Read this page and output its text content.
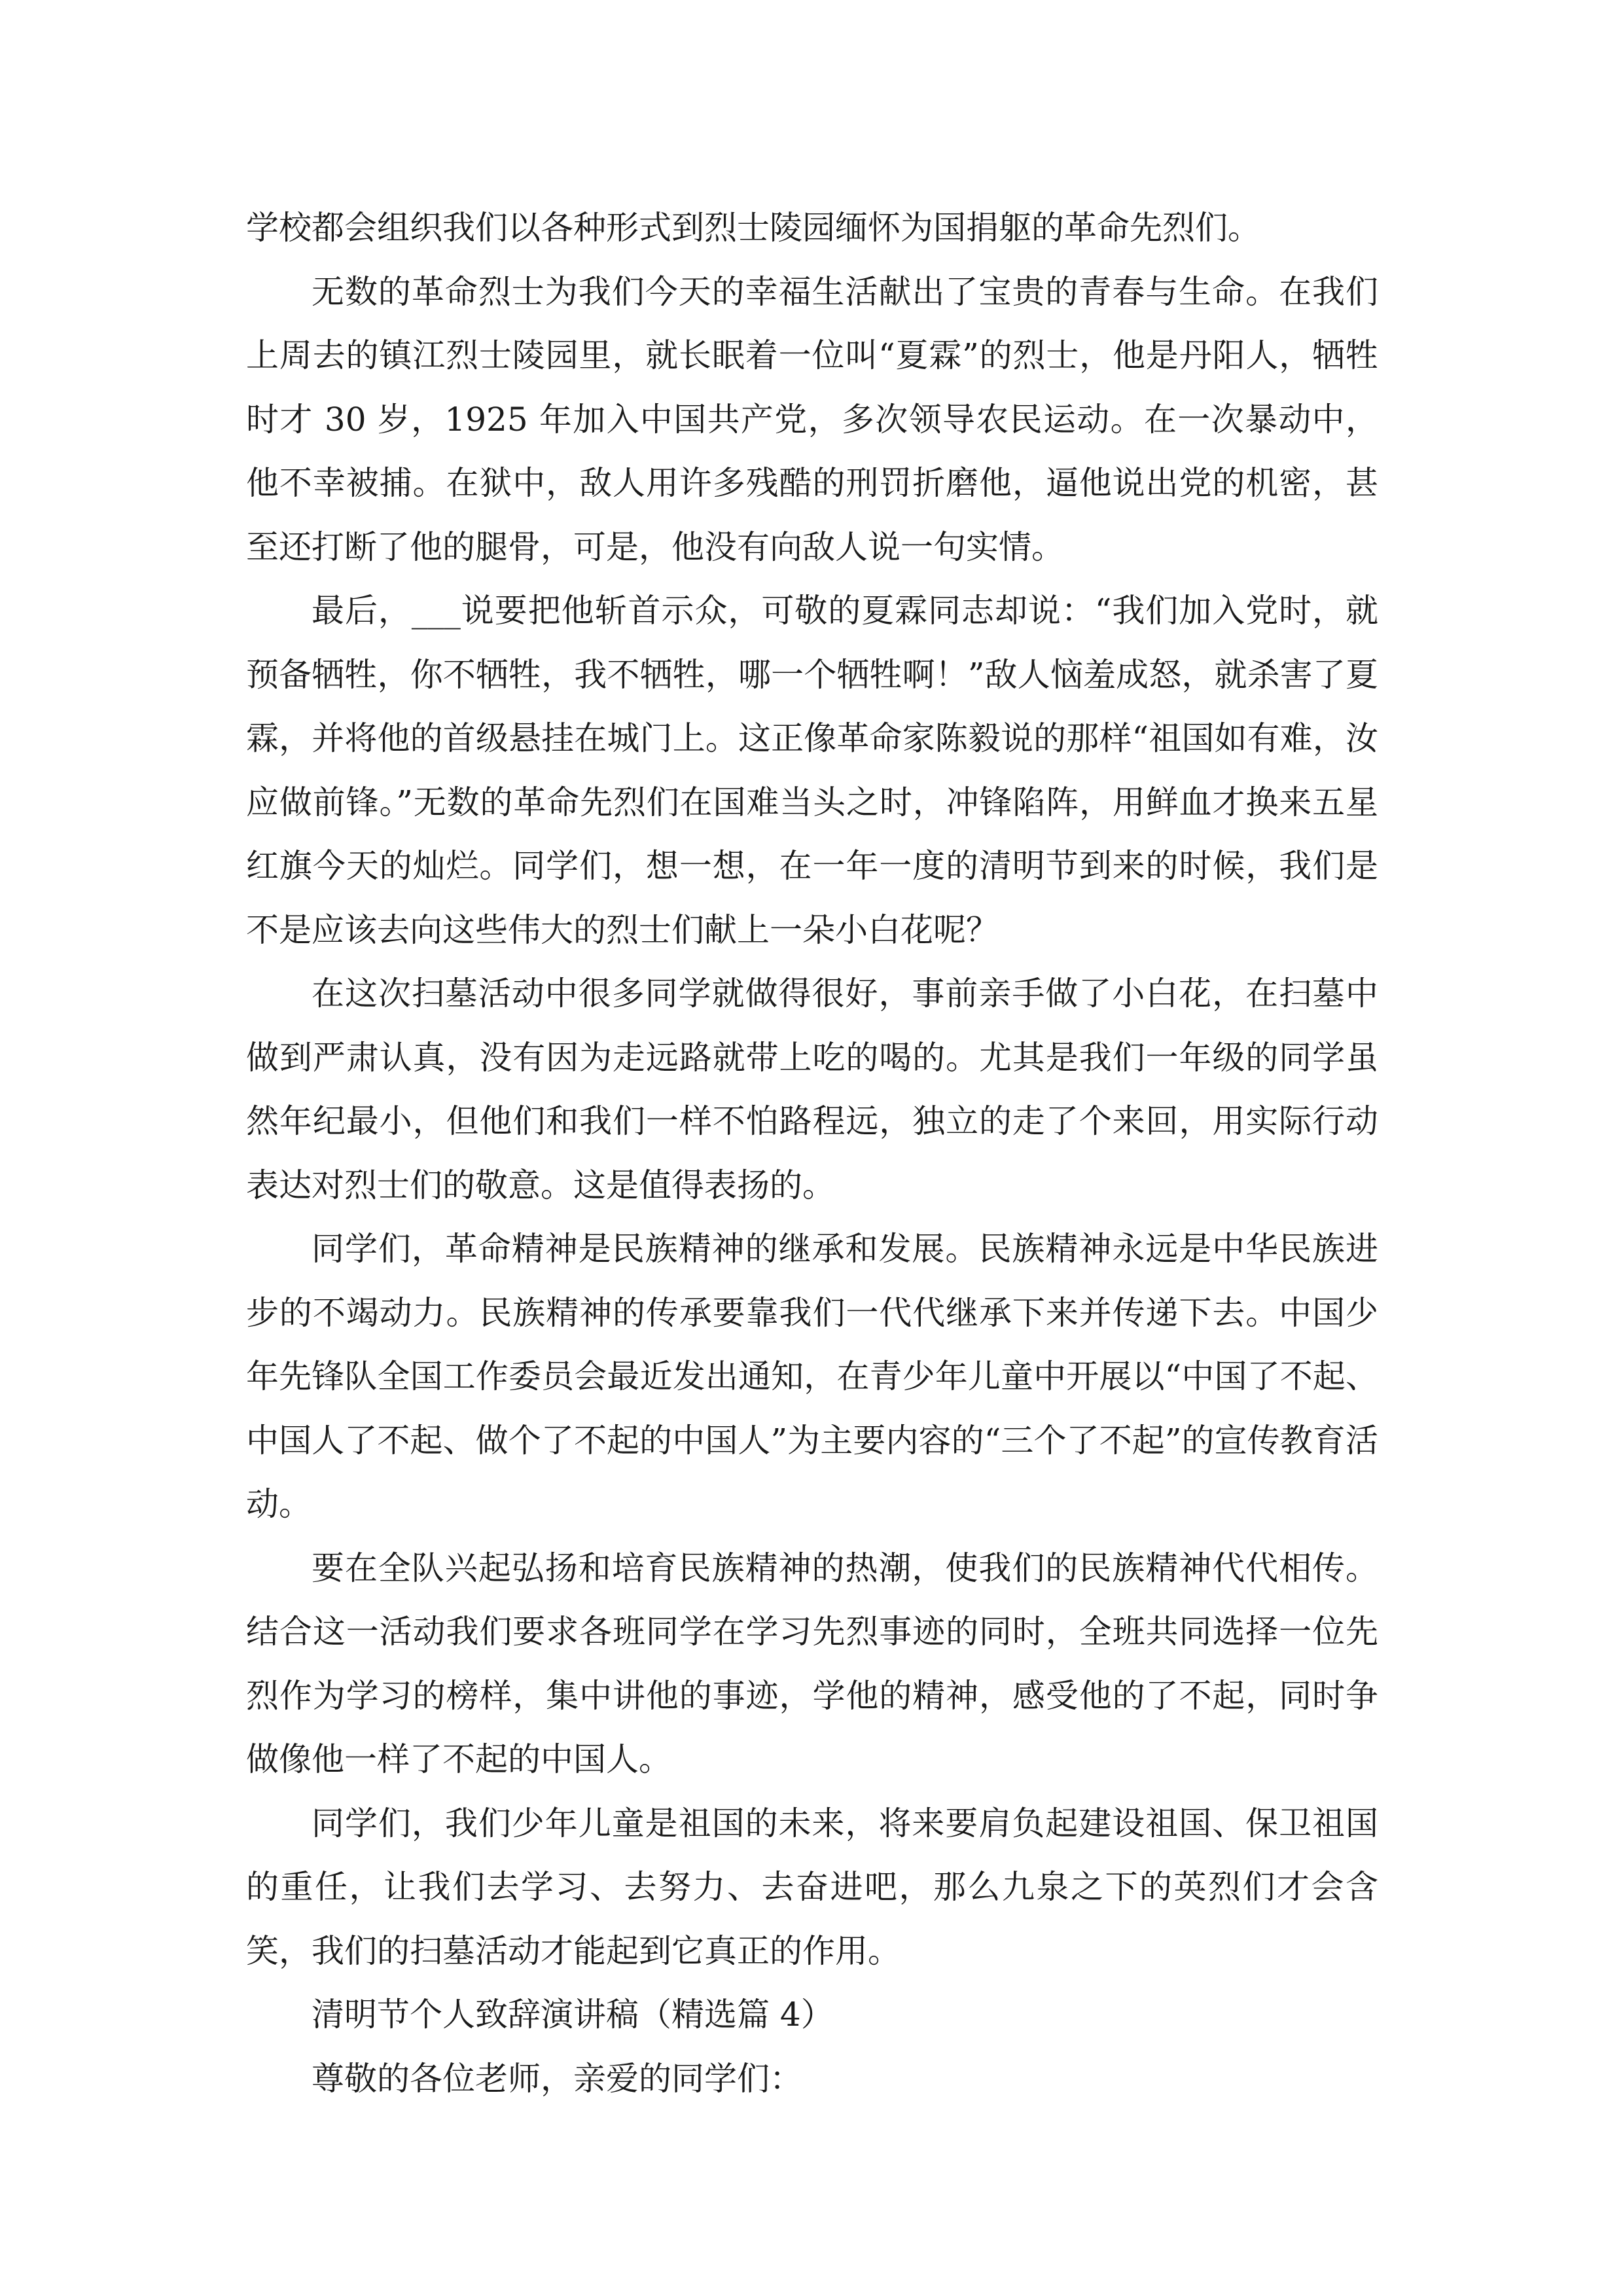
学校都会组织我们以各种形式到烈士陵园缅怀为国捐躯的革命先烈们。

无数的革命烈士为我们今天的幸福生活献出了宝贵的青春与生命。在我们上周去的镇江烈士陵园里，就长眠着一位叫“夏霖”的烈士，他是丹阳人，牺牲时才 30 岁，1925 年加入中国共产党，多次领导农民运动。在一次暴动中，他不幸被捕。在狱中，敌人用许多残酷的刑罚折磨他，逼他说出党的机密，甚至还打断了他的腿骨，可是，他没有向敌人说一句实情。

最后，___说要把他斩首示众，可敬的夏霖同志却说：“我们加入党时，就预备牺牲，你不牺牲，我不牺牲，哪一个牺牲啊！”敌人恼羞成怒，就杀害了夏霖，并将他的首级悬挂在城门上。这正像革命家陈毅说的那样“祖国如有难，汝应做前锋。”无数的革命先烈们在国难当头之时，冲锋陷阵，用鲜血才换来五星红旗今天的灿烂。同学们，想一想，在一年一度的清明节到来的时候，我们是不是应该去向这些伟大的烈士们献上一朵小白花呢？

在这次扫墓活动中很多同学就做得很好，事前亲手做了小白花，在扫墓中做到严肃认真，没有因为走远路就带上吃的喝的。尤其是我们一年级的同学虽然年纪最小，但他们和我们一样不怕路程远，独立的走了个来回，用实际行动表达对烈士们的敬意。这是值得表扬的。

同学们，革命精神是民族精神的继承和发展。民族精神永远是中华民族进步的不竭动力。民族精神的传承要靠我们一代代继承下来并传递下去。中国少年先锋队全国工作委员会最近发出通知，在青少年儿童中开展以“中国了不起、中国人了不起、做个了不起的中国人”为主要内容的“三个了不起”的宣传教育活动。

要在全队兴起弘扬和培育民族精神的热潮，使我们的民族精神代代相传。结合这一活动我们要求各班同学在学习先烈事迹的同时，全班共同选择一位先烈作为学习的榜样，集中讲他的事迹，学他的精神，感受他的了不起，同时争做像他一样了不起的中国人。

同学们，我们少年儿童是祖国的未来，将来要肩负起建设祖国、保卫祖国的重任，让我们去学习、去努力、去奋进吧，那么九泉之下的英烈们才会含笑，我们的扫墓活动才能起到它真正的作用。

清明节个人致辞演讲稿（精选篇 4）

尊敬的各位老师，亲爱的同学们：
